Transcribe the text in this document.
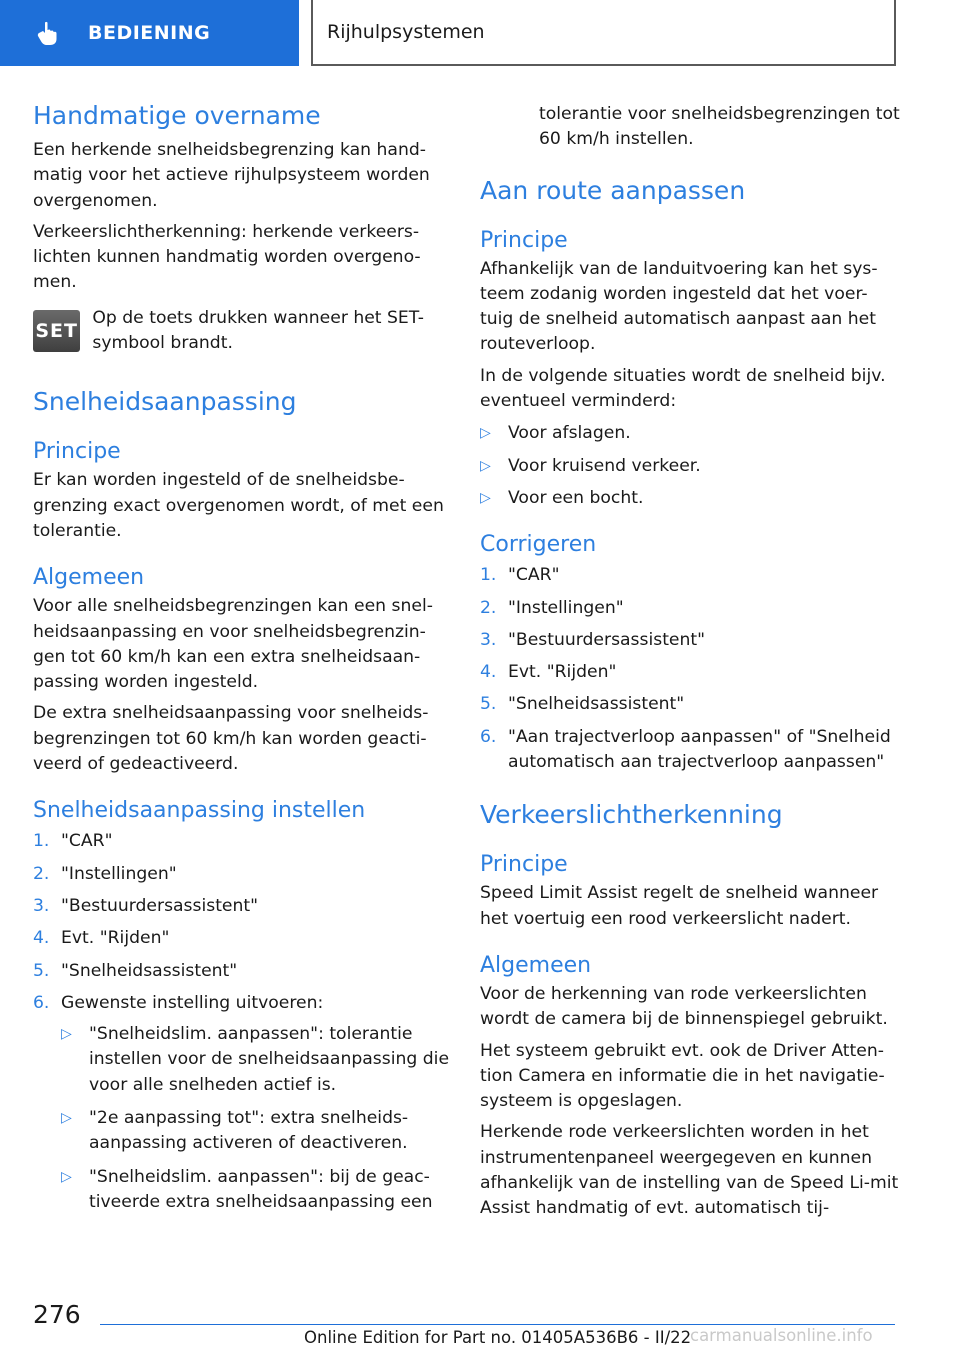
BEDIENING	Rijhulpsystemen
Handmatige overname

Een herkende snelheidsbegrenzing kan hand-matig voor het actieve rijhulpsysteem worden overgenomen.

Verkeerslichtherkenning: herkende verkeers-lichten kunnen handmatig worden overgeno-men.

SET

Op de toets drukken wanneer het SET-symbool brandt.

Snelheidsaanpassing
Principe

Er kan worden ingesteld of de snelheidsbe-grenzing exact overgenomen wordt, of met een tolerantie.

Algemeen

Voor alle snelheidsbegrenzingen kan een snel-heidsaanpassing en voor snelheidsbegrenzin-gen tot 60 km/h kan een extra snelheidsaan-passing worden ingesteld.

De extra snelheidsaanpassing voor snelheids-begrenzingen tot 60 km/h kan worden geacti-veerd of gedeactiveerd.

Snelheidsaanpassing instellen
1. "CAR"
2. "Instellingen"
3. "Bestuurdersassistent"
4. Evt. "Rijden"
5. "Snelheidsassistent"
6. Gewenste instelling uitvoeren:
▷ "Snelheidslim. aanpassen": tolerantie instellen voor de snelheidsaanpassing die voor alle snelheden actief is.
▷ "2e aanpassing tot": extra snelheids-aanpassing activeren of deactiveren.
▷ "Snelheidslim. aanpassen": bij de geac-tiveerde extra snelheidsaanpassing een

tolerantie voor snelheidsbegrenzingen tot 60 km/h instellen.

Aan route aanpassen
Principe

Afhankelijk van de landuitvoering kan het sys-teem zodanig worden ingesteld dat het voer-tuig de snelheid automatisch aanpast aan het routeverloop.

In de volgende situaties wordt de snelheid bijv. eventueel verminderd:

▷ Voor afslagen.
▷ Voor kruisend verkeer.
▷ Voor een bocht.
Corrigeren
1. "CAR"
2. "Instellingen"
3. "Bestuurdersassistent"
4. Evt. "Rijden"
5. "Snelheidsassistent"
6. "Aan trajectverloop aanpassen" of "Snelheid automatisch aan trajectverloop aanpassen"
Verkeerslichtherkenning
Principe

Speed Limit Assist regelt de snelheid wanneer het voertuig een rood verkeerslicht nadert.

Algemeen

Voor de herkenning van rode verkeerslichten wordt de camera bij de binnenspiegel gebruikt.

Het systeem gebruikt evt. ook de Driver Atten-tion Camera en informatie die in het navigatie-systeem is opgeslagen.

Herkende rode verkeerslichten worden in het instrumentenpaneel weergegeven en kunnen afhankelijk van de instelling van de Speed Li-mit Assist handmatig of evt. automatisch tij-

276
Online Edition for Part no. 01405A536B6 - II/22
carmanualsonline.info
